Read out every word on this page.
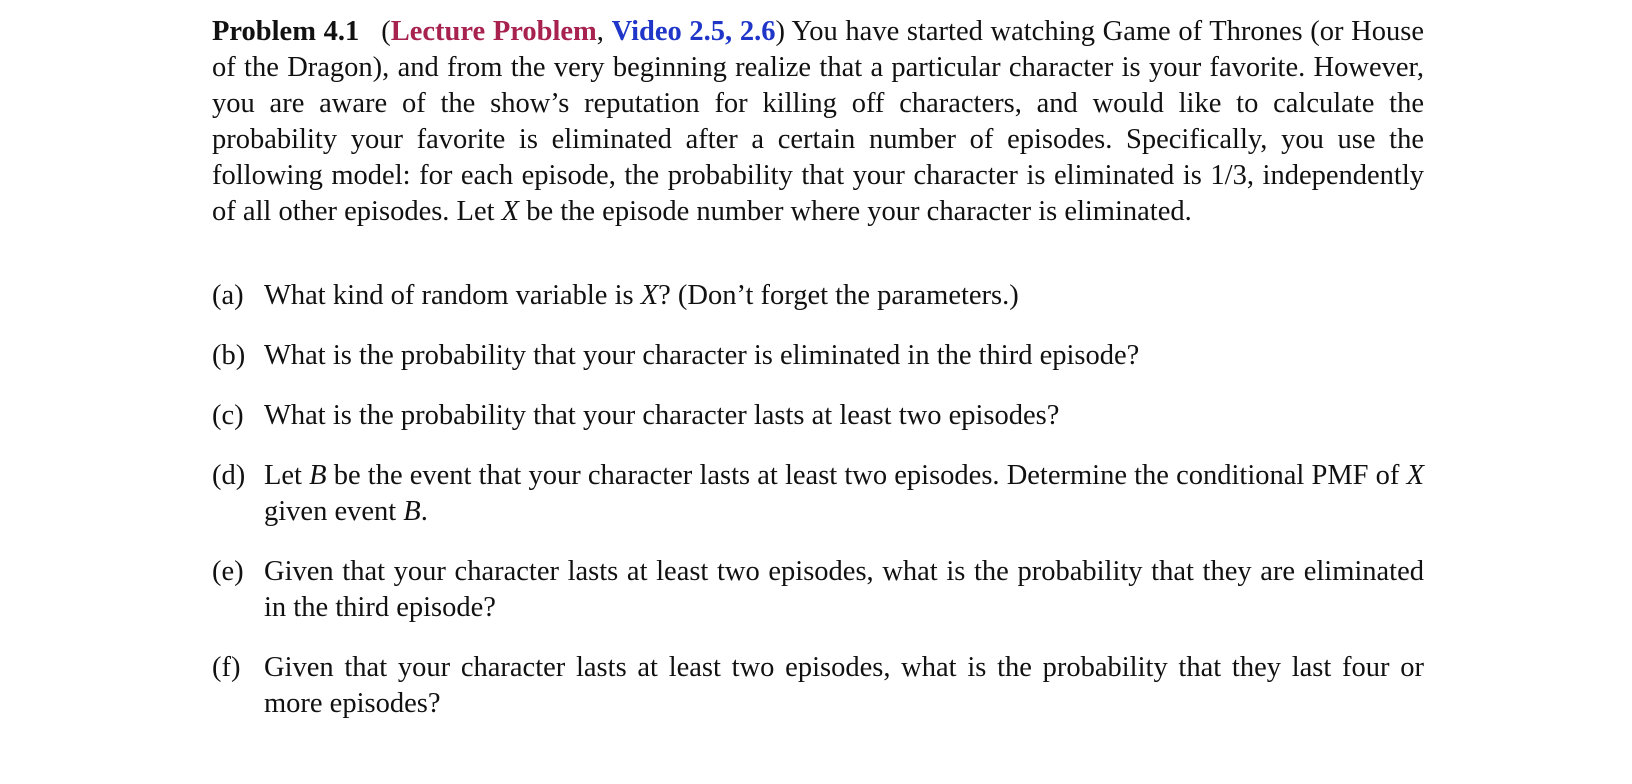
Problem 4.1 (Lecture Problem, Video 2.5, 2.6) You have started watching Game of Thrones (or House of the Dragon), and from the very beginning realize that a particular character is your favorite. However, you are aware of the show’s reputation for killing off characters, and would like to calculate the probability your favorite is eliminated after a certain number of episodes. Specifically, you use the following model: for each episode, the probability that your character is eliminated is 1/3, independently of all other episodes. Let X be the episode number where your character is eliminated.

(a) What kind of random variable is X? (Don’t forget the parameters.)
(b) What is the probability that your character is eliminated in the third episode?
(c) What is the probability that your character lasts at least two episodes?
(d) Let B be the event that your character lasts at least two episodes. Determine the conditional PMF of X given event B.
(e) Given that your character lasts at least two episodes, what is the probability that they are eliminated in the third episode?
(f) Given that your character lasts at least two episodes, what is the probability that they last four or more episodes?
